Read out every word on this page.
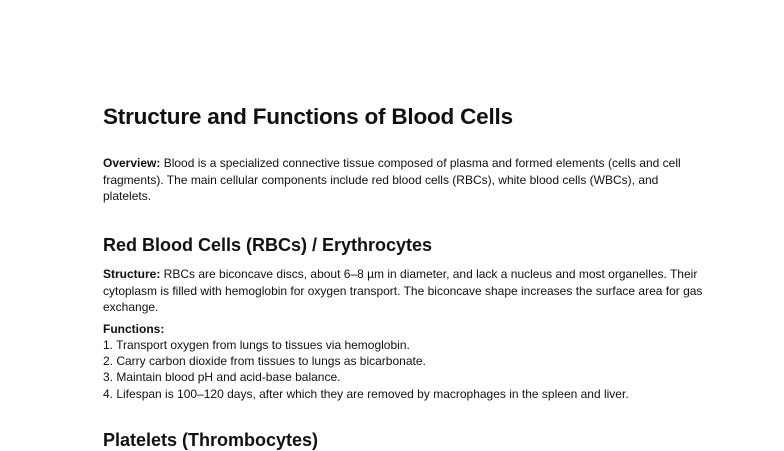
Structure and Functions of Blood Cells

Overview: Blood is a specialized connective tissue composed of plasma and formed elements (cells and cell fragments). The main cellular components include red blood cells (RBCs), white blood cells (WBCs), and platelets.

Red Blood Cells (RBCs) / Erythrocytes

Structure: RBCs are biconcave discs, about 6–8 µm in diameter, and lack a nucleus and most organelles. Their cytoplasm is filled with hemoglobin for oxygen transport. The biconcave shape increases the surface area for gas exchange.

Functions:

1. Transport oxygen from lungs to tissues via hemoglobin.
2. Carry carbon dioxide from tissues to lungs as bicarbonate.
3. Maintain blood pH and acid-base balance.
4. Lifespan is 100–120 days, after which they are removed by macrophages in the spleen and liver.
Platelets (Thrombocytes)
